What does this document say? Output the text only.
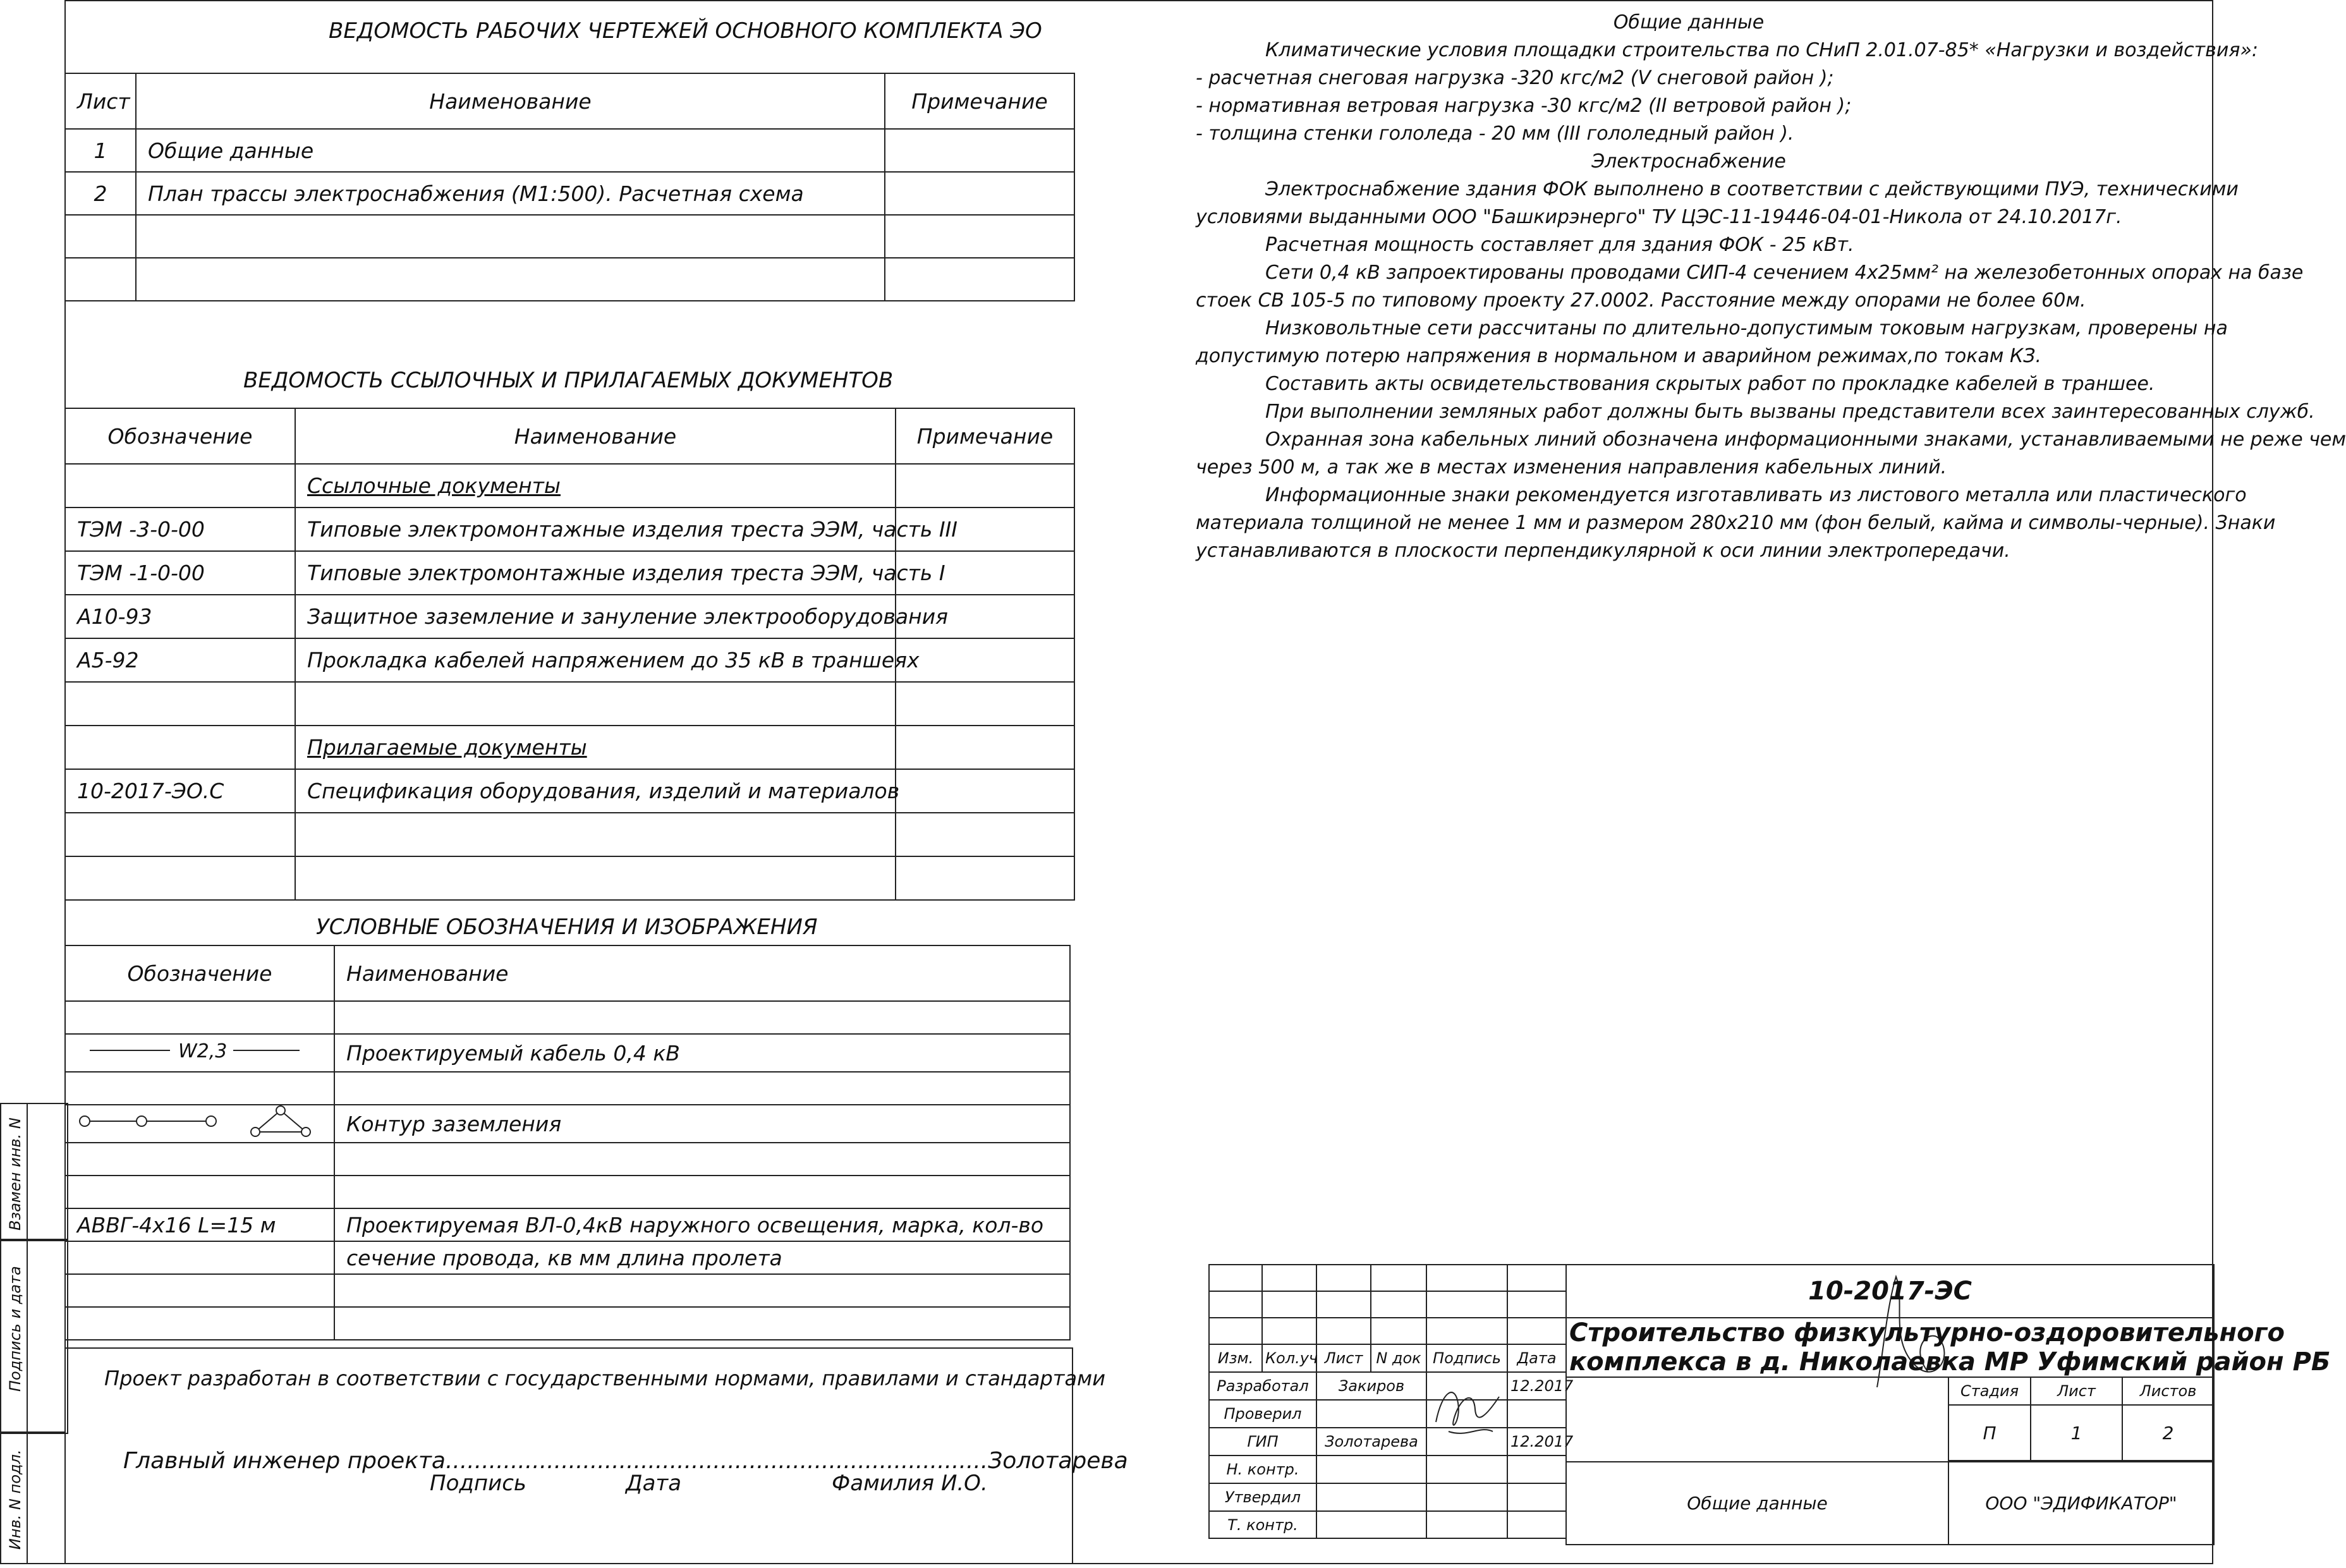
ВЕДОМОСТЬ РАБОЧИХ ЧЕРТЕЖЕЙ ОСНОВНОГО КОМПЛЕКТА ЭО
Лист	Наименование	Примечание
1	Общие данные	
2	План трассы электроснабжения (М1:500). Расчетная схема	

ВЕДОМОСТЬ ССЫЛОЧНЫХ И ПРИЛАГАЕМЫХ ДОКУМЕНТОВ
Обозначение	Наименование	Примечание
	Ссылочные документы	
ТЭМ -3-0-00	Типовые электромонтажные изделия треста ЭЭМ, часть III	
ТЭМ -1-0-00	Типовые электромонтажные изделия треста ЭЭМ, часть I	
А10-93	Защитное заземление и зануление электрооборудования	
А5-92	Прокладка кабелей напряжением до 35 кВ в траншеях	

	Прилагаемые документы	
10-2017-ЭО.С	Спецификация оборудования, изделий и материалов	

УСЛОВНЫЕ ОБОЗНАЧЕНИЯ И ИЗОБРАЖЕНИЯ
Обозначение	Наименование

W2,3	Проектируемый кабель 0,4 кВ

	Контур заземления

АВВГ-4х16 L=15 м	Проектируемая ВЛ-0,4кВ наружного освещения, марка, кол-во
	сечение провода, кв мм длина пролета

Проект разработан в соответствии с государственными нормами, правилами и стандартами
Главный инженер проекта...........................................................................Золотарева
Подпись	Дата	Фамилия И.О.

Общие данные

Климатические условия площадки строительства по СНиП 2.01.07-85* «Нагрузки и воздействия»:

- расчетная снеговая нагрузка -320 кгс/м2 (V снеговой район );

- нормативная ветровая нагрузка -30 кгс/м2 (II ветровой район );

- толщина стенки гололеда - 20 мм (III гололедный район ).

Электроснабжение

Электроснабжение здания ФОК выполнено в соответствии с действующими ПУЭ, техническими

условиями выданными ООО "Башкирэнерго" ТУ ЦЭС-11-19446-04-01-Никола от 24.10.2017г.

Расчетная мощность составляет для здания ФОК - 25 кВт.

Сети 0,4 кВ запроектированы проводами СИП-4 сечением 4х25мм² на железобетонных опорах на базе

стоек СВ 105-5 по типовому проекту 27.0002. Расстояние между опорами не более 60м.

Низковольтные сети рассчитаны по длительно-допустимым токовым нагрузкам, проверены на

допустимую потерю напряжения в нормальном и аварийном режимах,по токам КЗ.

Составить акты освидетельствования скрытых работ по прокладке кабелей в траншее.

При выполнении земляных работ должны быть вызваны представители всех заинтересованных служб.

Охранная зона кабельных линий обозначена информационными знаками, устанавливаемыми не реже чем

через 500 м, а так же в местах изменения направления кабельных линий.

Информационные знаки рекомендуется изготавливать из листового металла или пластического

материала толщиной не менее 1 мм и размером 280х210 мм (фон белый, кайма и символы-черные). Знаки

устанавливаются в плоскости перпендикулярной к оси линии электропередачи.

Взамен инв. N
Подпись и дата
Инв. N подл.

Изм.	Кол.уч	Лист	N док	Подпись	Дата
Разработал		Закиров			12.2017
Проверил					
ГИП		Золотарева			12.2017
Н. контр.					
Утвердил					
Т. контр.					
10-2017-ЭС			
Строительство физкультурно-оздоровительного			
комплекса в д. Николаевка МР Уфимский район РБ			
	Стадия	Лист	Листов
	П	1	2

Общие данные	ООО "ЭДИФИКАТОР"		
